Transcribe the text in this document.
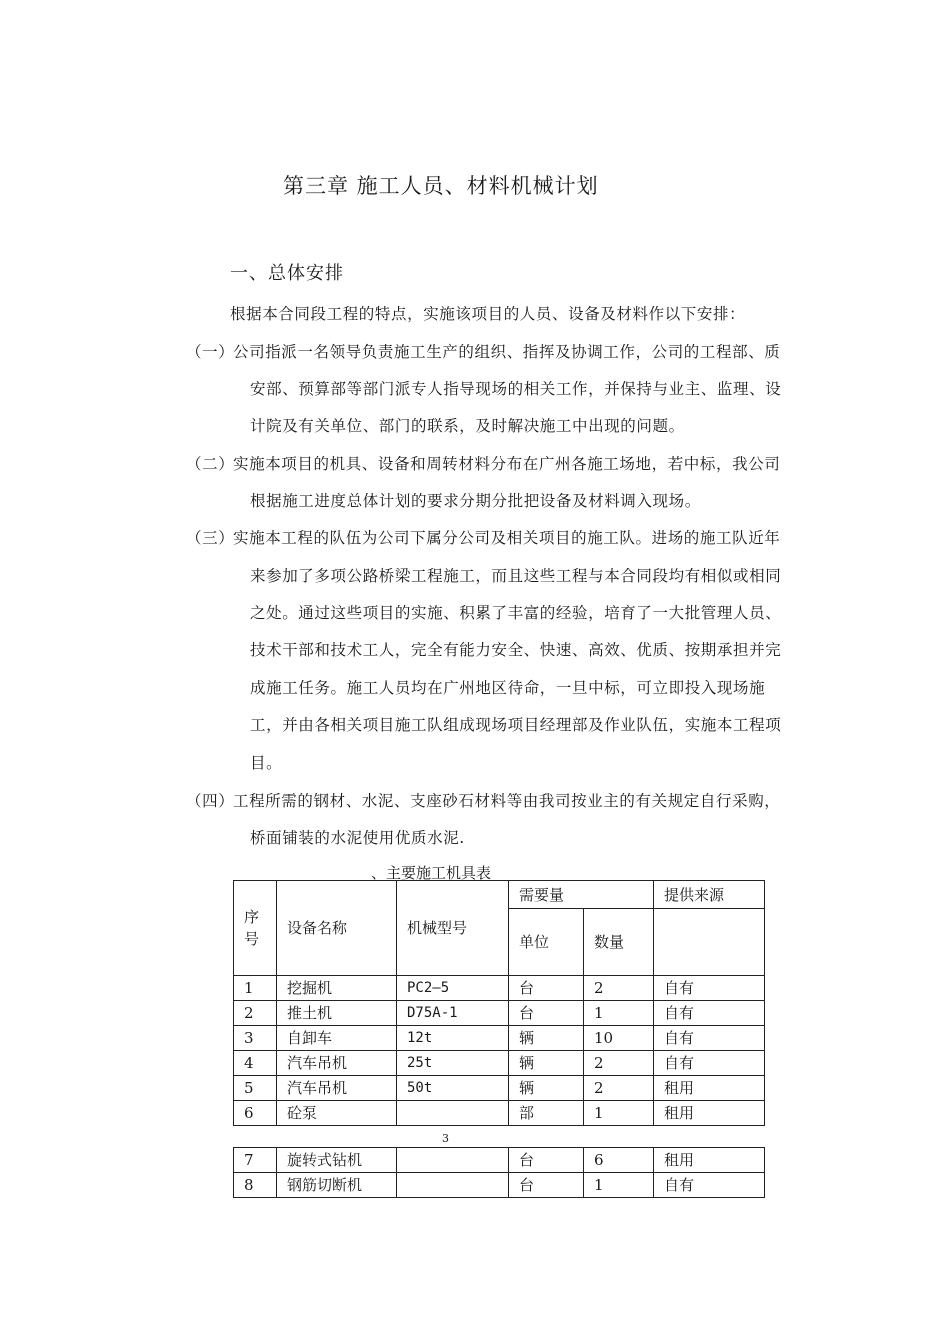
第三章 施工人员、材料机械计划
一、总体安排
根据本合同段工程的特点，实施该项目的人员、设备及材料作以下安排：
（一）
公司指派一名领导负责施工生产的组织、指挥及协调工作，公司的工程部、质
安部、预算部等部门派专人指导现场的相关工作，并保持与业主、监理、设
计院及有关单位、部门的联系，及时解决施工中出现的问题。
（二）
实施本项目的机具、设备和周转材料分布在广州各施工场地，若中标，我公司
根据施工进度总体计划的要求分期分批把设备及材料调入现场。
（三）
实施本工程的队伍为公司下属分公司及相关项目的施工队。进场的施工队近年
来参加了多项公路桥梁工程施工，而且这些工程与本合同段均有相似或相同
之处。通过这些项目的实施、积累了丰富的经验，培育了一大批管理人员、
技术干部和技术工人，完全有能力安全、快速、高效、优质、按期承担并完
成施工任务。施工人员均在广州地区待命，一旦中标，可立即投入现场施
工，并由各相关项目施工队组成现场项目经理部及作业队伍，实施本工程项
目。
（四）
工程所需的钢材、水泥、支座砂石材料等由我司按业主的有关规定自行采购，
桥面铺装的水泥使用优质水泥.
、主要施工机具表
序号	设备名称	机械型号	需要量		提供来源
			单位	数量	
1	挖掘机	PC2—5	台	2	自有
2	推土机	D75A-1	台	1	自有
3	自卸车	12t	辆	10	自有
4	汽车吊机	25t	辆	2	自有
5	汽车吊机	50t	辆	2	租用
6	砼泵		部	1	租用
3
7	旋转式钻机		台	6	租用
8	钢筋切断机		台	1	自有
